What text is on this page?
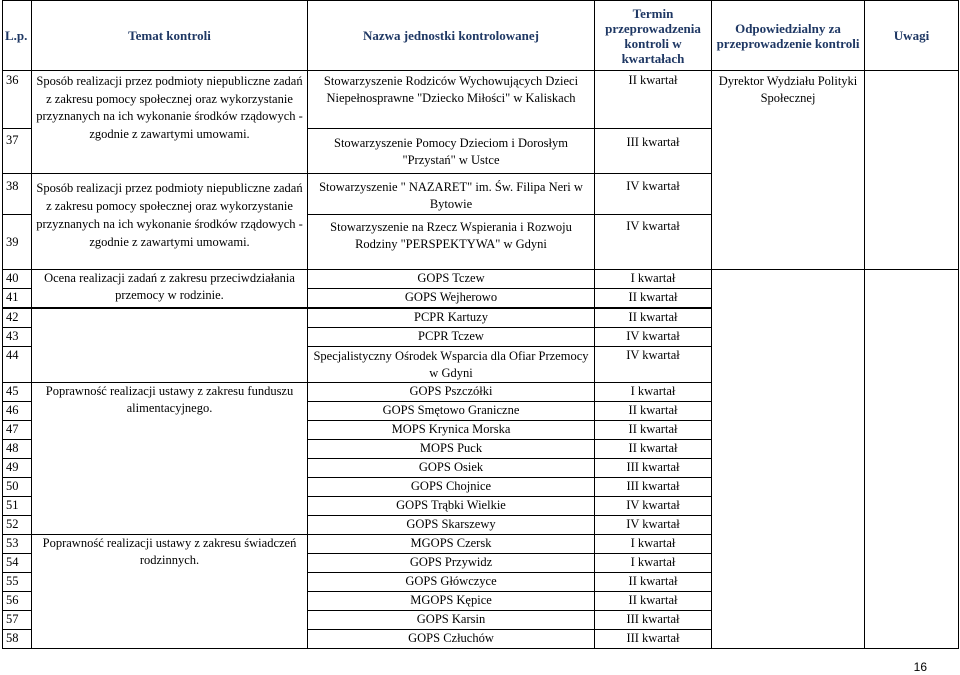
L.p.	Temat kontroli	Nazwa jednostki kontrolowanej	Termin przeprowadzenia kontroli w kwartałach	Odpowiedzialny za przeprowadzenie kontroli	Uwagi
36	Sposób realizacji przez podmioty niepubliczne zadań z zakresu pomocy społecznej oraz wykorzystanie przyznanych na ich wykonanie środków rządowych - zgodnie z zawartymi umowami.	Stowarzyszenie Rodziców Wychowujących Dzieci Niepełnosprawne "Dziecko Miłości" w Kaliskach	II kwartał	Dyrektor Wydziału Polityki Społecznej	
37		Stowarzyszenie Pomocy Dzieciom i Dorosłym "Przystań" w Ustce	III kwartał		
38	Sposób realizacji przez podmioty niepubliczne zadań z zakresu pomocy społecznej oraz wykorzystanie przyznanych na ich wykonanie środków rządowych - zgodnie z zawartymi umowami.	Stowarzyszenie " NAZARET" im. Św. Filipa Neri w Bytowie	IV kwartał		
39		Stowarzyszenie na Rzecz Wspierania i Rozwoju Rodziny "PERSPEKTYWA" w Gdyni	IV kwartał		
40	Ocena realizacji zadań z zakresu przeciwdziałania przemocy w rodzinie.	GOPS Tczew	I kwartał		
41		GOPS Wejherowo	II kwartał		
42		PCPR Kartuzy	II kwartał		
43		PCPR Tczew	IV kwartał		
44		Specjalistyczny Ośrodek Wsparcia dla Ofiar Przemocy w Gdyni	IV kwartał		
45	Poprawność realizacji ustawy z zakresu funduszu alimentacyjnego.	GOPS Pszczółki	I kwartał		
46		GOPS Smętowo Graniczne	II kwartał		
47		MOPS Krynica Morska	II kwartał		
48		MOPS Puck	II kwartał		
49		GOPS Osiek	III kwartał		
50		GOPS Chojnice	III kwartał		
51		GOPS Trąbki Wielkie	IV kwartał		
52		GOPS Skarszewy	IV kwartał		
53	Poprawność realizacji ustawy z zakresu świadczeń rodzinnych.	MGOPS Czersk	I kwartał		
54		GOPS Przywidz	I kwartał		
55		GOPS Główczyce	II kwartał		
56		MGOPS Kępice	II kwartał		
57		GOPS Karsin	III kwartał		
58		GOPS Człuchów	III kwartał		
16
